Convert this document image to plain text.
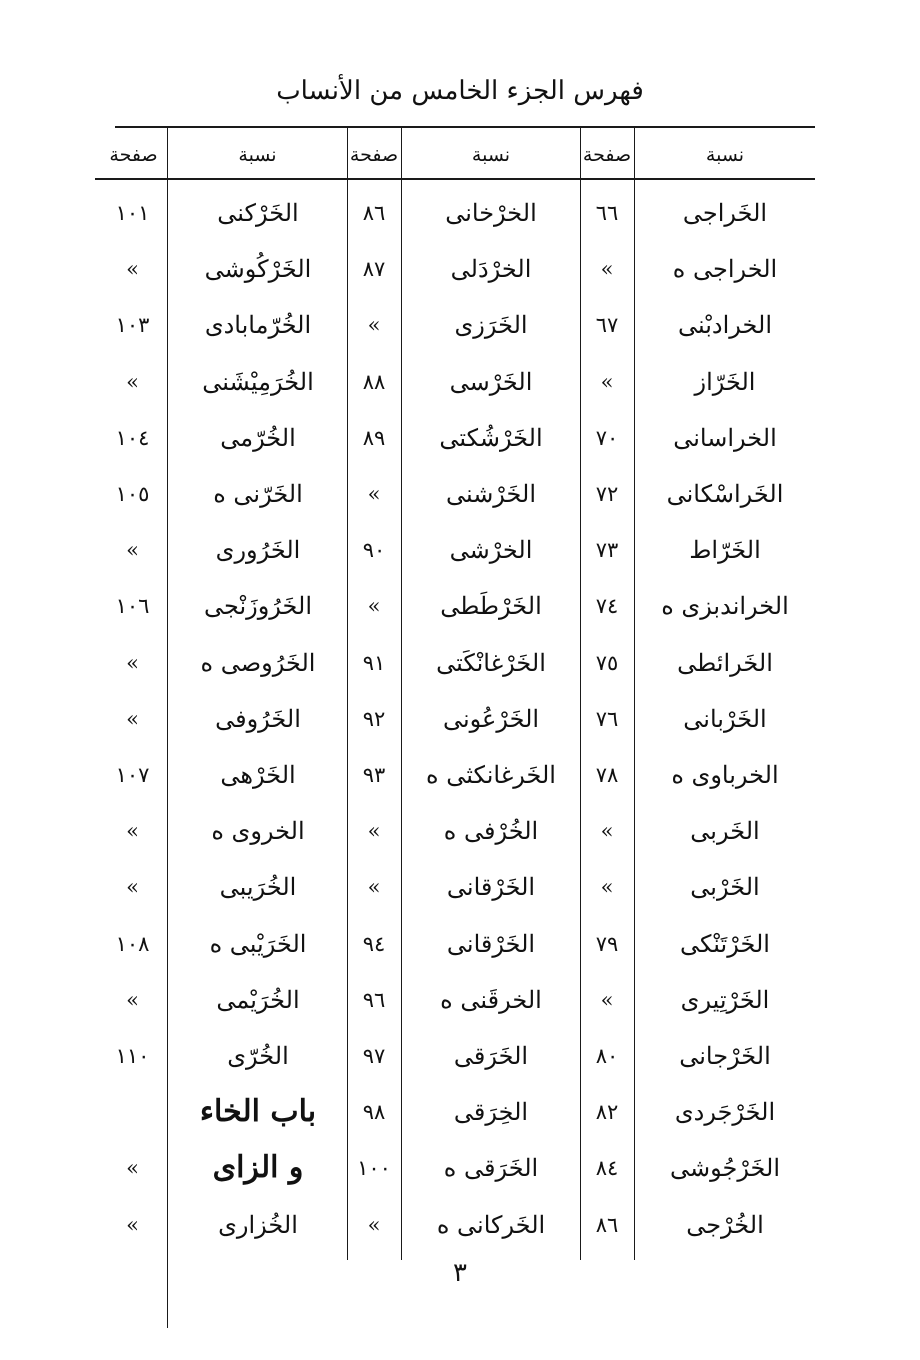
فهرس الجزء الخامس من الأنساب
نسبة
صفحة
نسبة
صفحة
نسبة
صفحة
الخَراجى
٦٦
الخراجى ه
»
الخرادبْنى
٦٧
الخَرّاز
»
الخراسانى
٧٠
الخَراسْكانى
٧٢
الخَرّاط
٧٣
الخراندبزى ه
٧٤
الخَرائطى
٧٥
الخَرْبانى
٧٦
الخرباوى ه
٧٨
الخَربى
»
الخَرْبى
»
الخَرْتَنْكى
٧٩
الخَرْتِيرى
»
الخَرْجانى
٨٠
الخَرْجَردى
٨٢
الخَرْجُوشى
٨٤
الخُرْجى
٨٦
الخرْخانى
٨٦
الخرْدَلى
٨٧
الخَرَزى
»
الخَرْسى
٨٨
الخَرْشُكتى
٨٩
الخَرْشنى
»
الخرْشى
٩٠
الخَرْطَطى
»
الخَرْغانْكَتى
٩١
الخَرْعُونى
٩٢
الخَرغانكثى ه
٩٣
الخُرْفى ه
»
الخَرْقانى
»
الخَرْقانى
٩٤
الخرقَنى ه
٩٦
الخَرَقى
٩٧
الخِرَقى
٩٨
الخَرَقى ه
١٠٠
الخَركانى ه
»
الخَرْكنى
١٠١
الخَرْكُوشى
»
الخُرّمابادى
١٠٣
الخُرَمِيْشَنى
»
الخُرّمى
١٠٤
الخَرّنى ه
١٠٥
الخَرُورى
»
الخَرُوزَنْجى
١٠٦
الخَرُوصى ه
»
الخَرُوفى
»
الخَرْهى
١٠٧
الخروى ه
»
الخُرَيبى
»
الخَرَيْبى ه
١٠٨
الخُرَيْمى
»
الخُرّى
١١٠
باب الخاء
و الزاى
»
الخُزارى
»
٣
